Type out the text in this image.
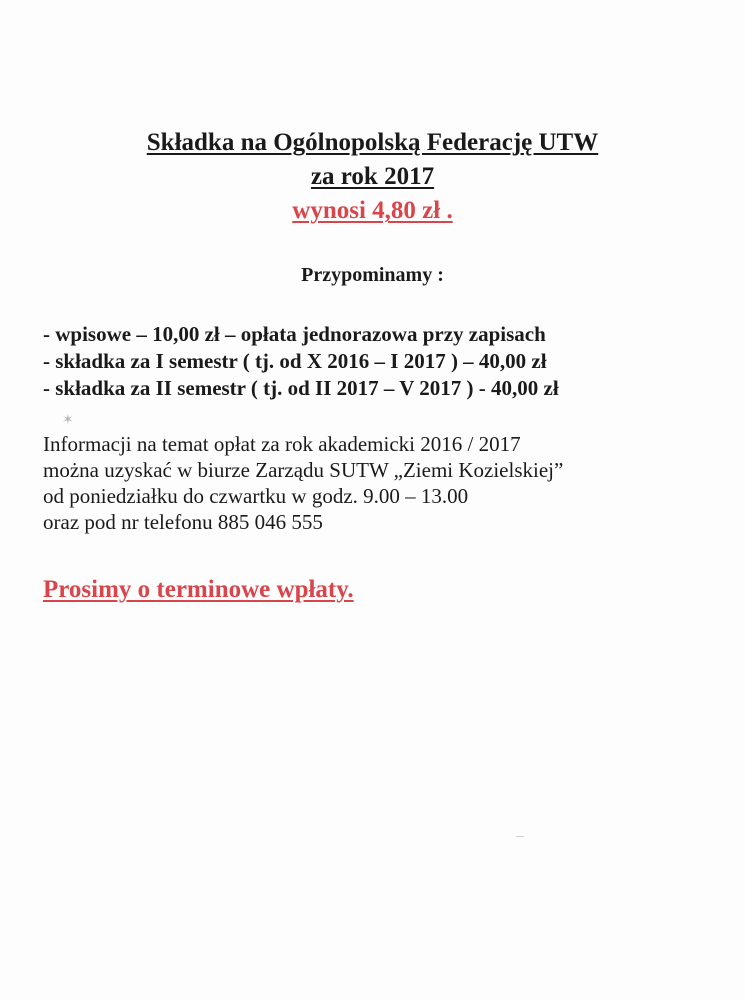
Składka na Ogólnopolską Federację UTW

za rok 2017

wynosi 4,80 zł .

Przypominamy :

- wpisowe – 10,00 zł – opłata jednorazowa przy zapisach
- składka za I semestr ( tj. od X 2016 – I 2017 ) – 40,00 zł
- składka za II semestr ( tj. od II 2017 – V 2017 ) - 40,00 zł
✶

Informacji na temat opłat za rok akademicki 2016 / 2017

można uzyskać w biurze Zarządu SUTW „Ziemi Kozielskiej”

od poniedziałku do czwartku w godz. 9.00 – 13.00

oraz pod nr telefonu 885 046 555

Prosimy o terminowe wpłaty.
